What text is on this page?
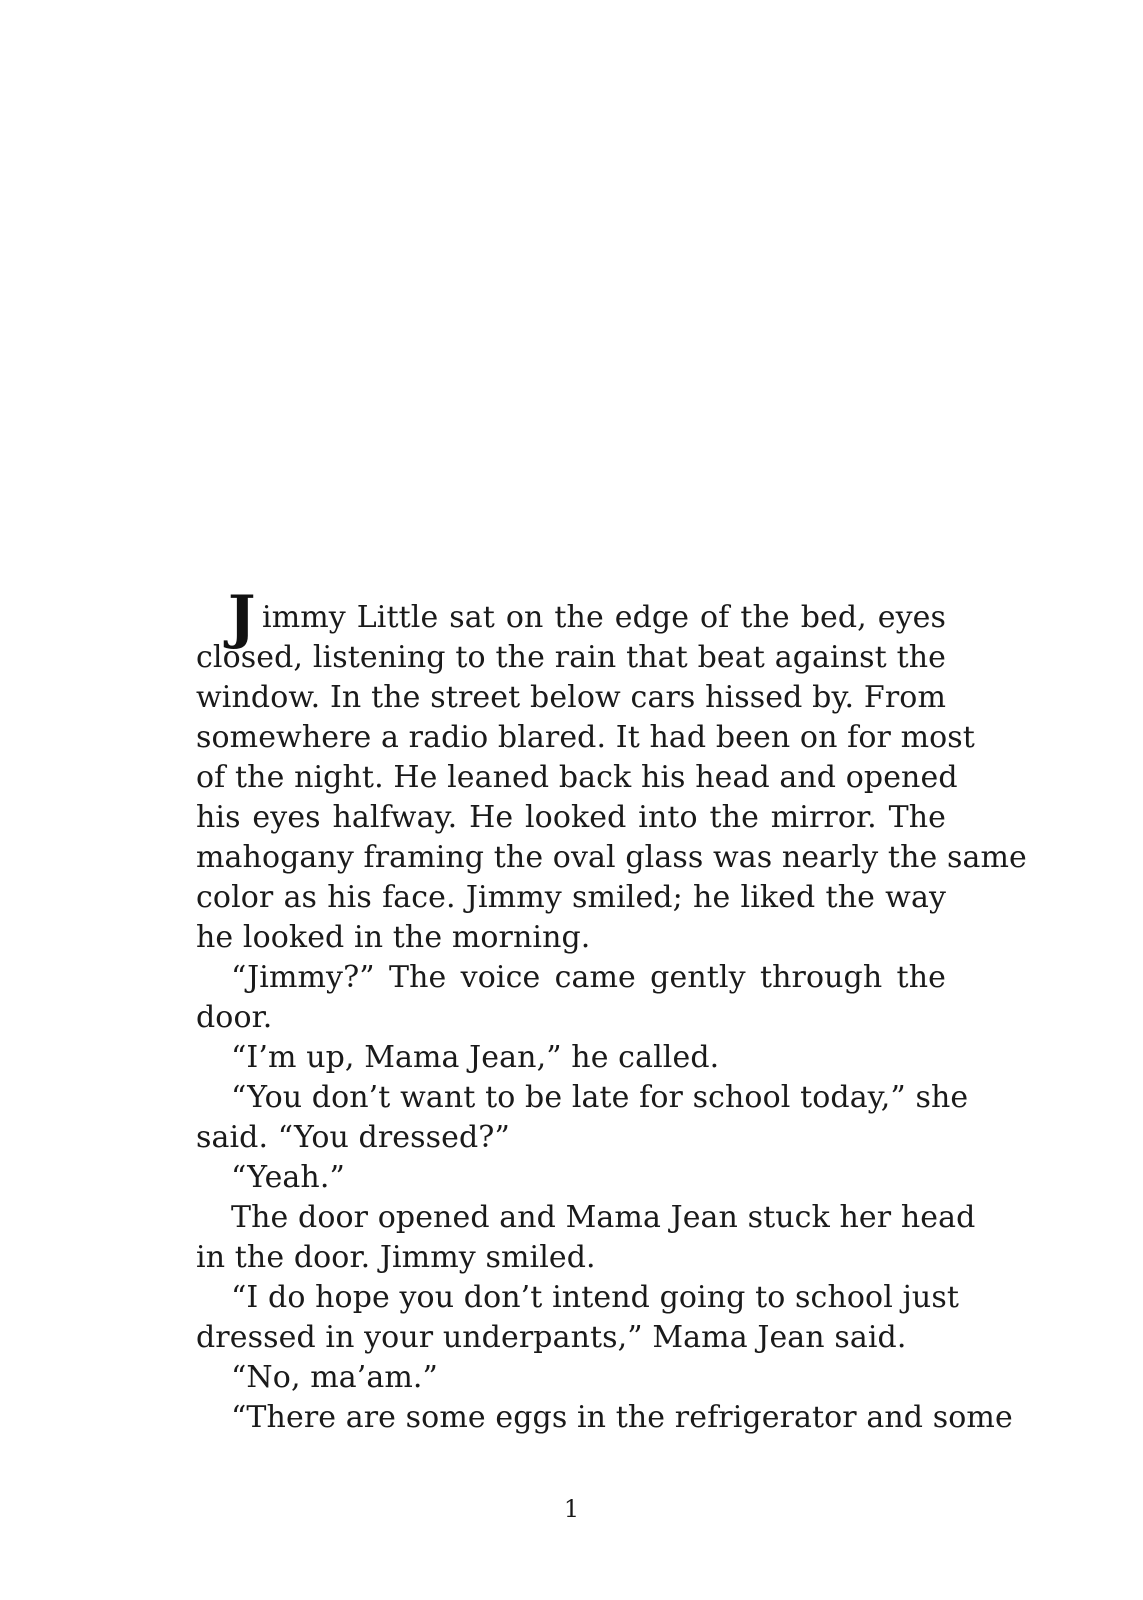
J immy Little sat on the edge of the bed, eyes
closed, listening to the rain that beat against the
window. In the street below cars hissed by. From
somewhere a radio blared. It had been on for most
of the night. He leaned back his head and opened
his eyes halfway. He looked into the mirror. The
mahogany framing the oval glass was nearly the same
color as his face. Jimmy smiled; he liked the way
he looked in the morning.
“Jimmy?” The voice came gently through the
door.
“I’m up, Mama Jean,” he called.
“You don’t want to be late for school today,” she
said. “You dressed?”
“Yeah.”
The door opened and Mama Jean stuck her head
in the door. Jimmy smiled.
“I do hope you don’t intend going to school just
dressed in your underpants,” Mama Jean said.
“No, ma’am.”
“There are some eggs in the refrigerator and some
1
